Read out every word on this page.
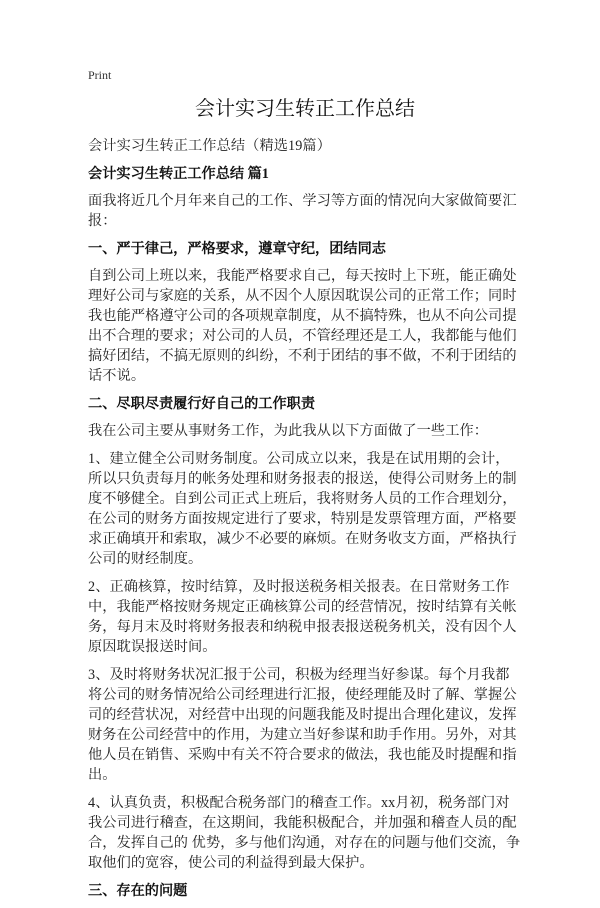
Print
会计实习生转正工作总结

会计实习生转正工作总结（精选19篇）

会计实习生转正工作总结 篇1

面我将近几个月年来自己的工作、学习等方面的情况向大家做简要汇报：

一、严于律己，严格要求，遵章守纪，团结同志

自到公司上班以来，我能严格要求自己，每天按时上下班，能正确处理好公司与家庭的关系，从不因个人原因耽误公司的正常工作；同时我也能严格遵守公司的各项规章制度，从不搞特殊，也从不向公司提出不合理的要求；对公司的人员，不管经理还是工人，我都能与他们搞好团结，不搞无原则的纠纷，不利于团结的事不做，不利于团结的话不说。

二、尽职尽责履行好自己的工作职责

我在公司主要从事财务工作，为此我从以下方面做了一些工作：

1、建立健全公司财务制度。公司成立以来，我是在试用期的会计，所以只负责每月的帐务处理和财务报表的报送，使得公司财务上的制度不够健全。自到公司正式上班后，我将财务人员的工作合理划分，在公司的财务方面按规定进行了要求，特别是发票管理方面，严格要求正确填开和索取，减少不必要的麻烦。在财务收支方面，严格执行公司的财经制度。

2、正确核算，按时结算，及时报送税务相关报表。在日常财务工作中，我能严格按财务规定正确核算公司的经营情况，按时结算有关帐务，每月末及时将财务报表和纳税申报表报送税务机关，没有因个人原因耽误报送时间。

3、及时将财务状况汇报于公司，积极为经理当好参谋。每个月我都将公司的财务情况给公司经理进行汇报，使经理能及时了解、掌握公司的经营状况，对经营中出现的问题我能及时提出合理化建议，发挥财务在公司经营中的作用，为建立当好参谋和助手作用。另外，对其他人员在销售、采购中有关不符合要求的做法，我也能及时提醒和指出。

4、认真负责，积极配合税务部门的稽查工作。xx月初，税务部门对我公司进行稽查，在这期间，我能积极配合，并加强和稽查人员的配合，发挥自己的 优势，多与他们沟通，对存在的问题与他们交流，争取他们的宽容，使公司的利益得到最大保护。

三、存在的问题
